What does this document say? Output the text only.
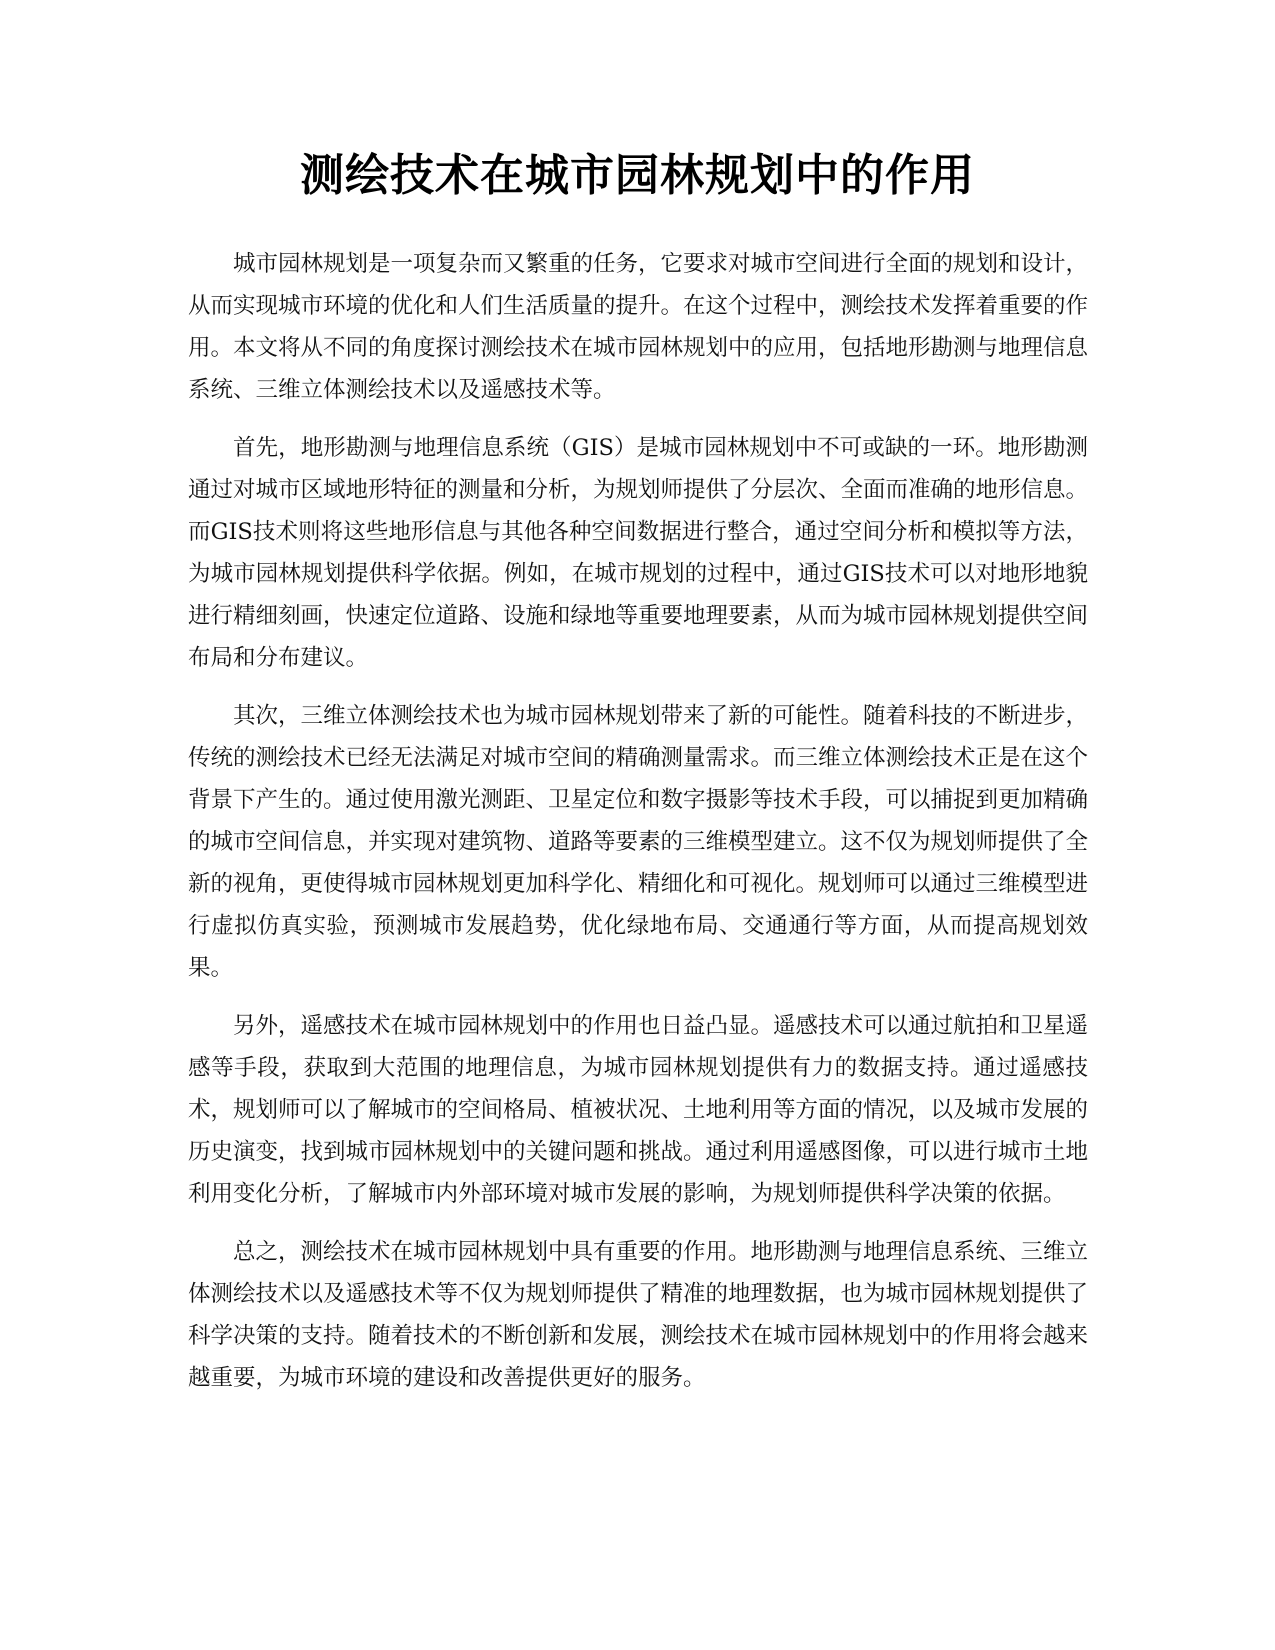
测绘技术在城市园林规划中的作用

城市园林规划是一项复杂而又繁重的任务，它要求对城市空间进行全面的规划和设计，从而实现城市环境的优化和人们生活质量的提升。在这个过程中，测绘技术发挥着重要的作用。本文将从不同的角度探讨测绘技术在城市园林规划中的应用，包括地形勘测与地理信息系统、三维立体测绘技术以及遥感技术等。

首先，地形勘测与地理信息系统（GIS）是城市园林规划中不可或缺的一环。地形勘测通过对城市区域地形特征的测量和分析，为规划师提供了分层次、全面而准确的地形信息。而GIS技术则将这些地形信息与其他各种空间数据进行整合，通过空间分析和模拟等方法，为城市园林规划提供科学依据。例如，在城市规划的过程中，通过GIS技术可以对地形地貌进行精细刻画，快速定位道路、设施和绿地等重要地理要素，从而为城市园林规划提供空间布局和分布建议。

其次，三维立体测绘技术也为城市园林规划带来了新的可能性。随着科技的不断进步，传统的测绘技术已经无法满足对城市空间的精确测量需求。而三维立体测绘技术正是在这个背景下产生的。通过使用激光测距、卫星定位和数字摄影等技术手段，可以捕捉到更加精确的城市空间信息，并实现对建筑物、道路等要素的三维模型建立。这不仅为规划师提供了全新的视角，更使得城市园林规划更加科学化、精细化和可视化。规划师可以通过三维模型进行虚拟仿真实验，预测城市发展趋势，优化绿地布局、交通通行等方面，从而提高规划效果。

另外，遥感技术在城市园林规划中的作用也日益凸显。遥感技术可以通过航拍和卫星遥感等手段，获取到大范围的地理信息，为城市园林规划提供有力的数据支持。通过遥感技术，规划师可以了解城市的空间格局、植被状况、土地利用等方面的情况，以及城市发展的历史演变，找到城市园林规划中的关键问题和挑战。通过利用遥感图像，可以进行城市土地利用变化分析，了解城市内外部环境对城市发展的影响，为规划师提供科学决策的依据。

总之，测绘技术在城市园林规划中具有重要的作用。地形勘测与地理信息系统、三维立体测绘技术以及遥感技术等不仅为规划师提供了精准的地理数据，也为城市园林规划提供了科学决策的支持。随着技术的不断创新和发展，测绘技术在城市园林规划中的作用将会越来越重要，为城市环境的建设和改善提供更好的服务。
